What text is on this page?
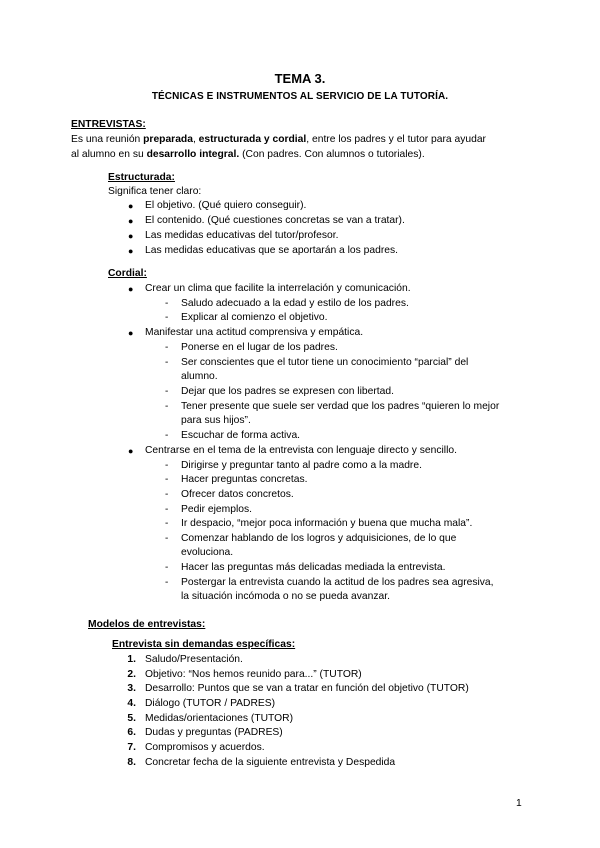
TEMA 3.
TÉCNICAS E INSTRUMENTOS AL SERVICIO DE LA TUTORÍA.
ENTREVISTAS:
Es una reunión preparada, estructurada y cordial, entre los padres y el tutor para ayudar
al alumno en su desarrollo integral. (Con padres. Con alumnos o tutoriales).
Estructurada:
Significa tener claro:
● El objetivo. (Qué quiero conseguir).
● El contenido. (Qué cuestiones concretas se van a tratar).
● Las medidas educativas del tutor/profesor.
● Las medidas educativas que se aportarán a los padres.
Cordial:
● Crear un clima que facilite la interrelación y comunicación.
- Saludo adecuado a la edad y estilo de los padres.
- Explicar al comienzo el objetivo.
● Manifestar una actitud comprensiva y empática.
- Ponerse en el lugar de los padres.
- Ser conscientes que el tutor tiene un conocimiento “parcial” del
alumno.
- Dejar que los padres se expresen con libertad.
- Tener presente que suele ser verdad que los padres “quieren lo mejor
para sus hijos”.
- Escuchar de forma activa.
● Centrarse en el tema de la entrevista con lenguaje directo y sencillo.
- Dirigirse y preguntar tanto al padre como a la madre.
- Hacer preguntas concretas.
- Ofrecer datos concretos.
- Pedir ejemplos.
- Ir despacio, “mejor poca información y buena que mucha mala”.
- Comenzar hablando de los logros y adquisiciones, de lo que
evoluciona.
- Hacer las preguntas más delicadas mediada la entrevista.
- Postergar la entrevista cuando la actitud de los padres sea agresiva,
la situación incómoda o no se pueda avanzar.
Modelos de entrevistas:
Entrevista sin demandas específicas:
1. Saludo/Presentación.
2. Objetivo: “Nos hemos reunido para...” (TUTOR)
3. Desarrollo: Puntos que se van a tratar en función del objetivo (TUTOR)
4. Diálogo (TUTOR / PADRES)
5. Medidas/orientaciones (TUTOR)
6. Dudas y preguntas (PADRES)
7. Compromisos y acuerdos.
8. Concretar fecha de la siguiente entrevista y Despedida
1
